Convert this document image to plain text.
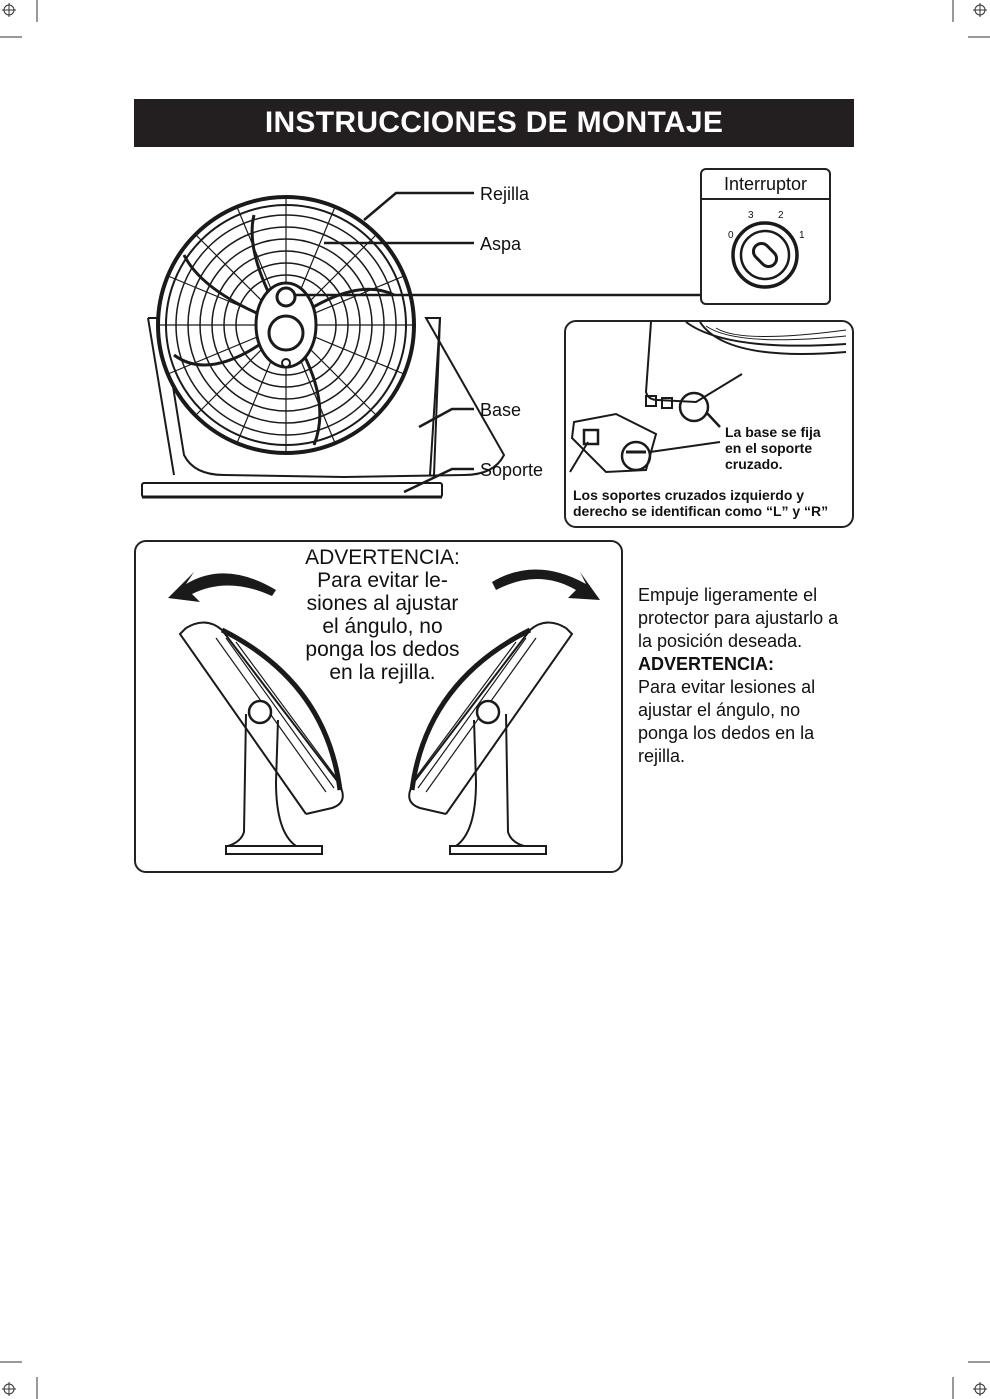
INSTRUCCIONES DE MONTAJE
Rejilla
Aspa
Base
Soporte
Interruptor
0
3 2
1
La base se fija
en el soporte
cruzado.
Los soportes cruzados izquierdo y
derecho se identifican como “L” y “R”
ADVERTENCIA:
Para evitar le-
siones al ajustar
el ángulo, no
ponga los dedos
en la rejilla.
Empuje ligeramente el protector para ajustarlo a la posición deseada.
ADVERTENCIA:
Para evitar lesiones al ajustar el ángulo, no ponga los dedos en la rejilla.
